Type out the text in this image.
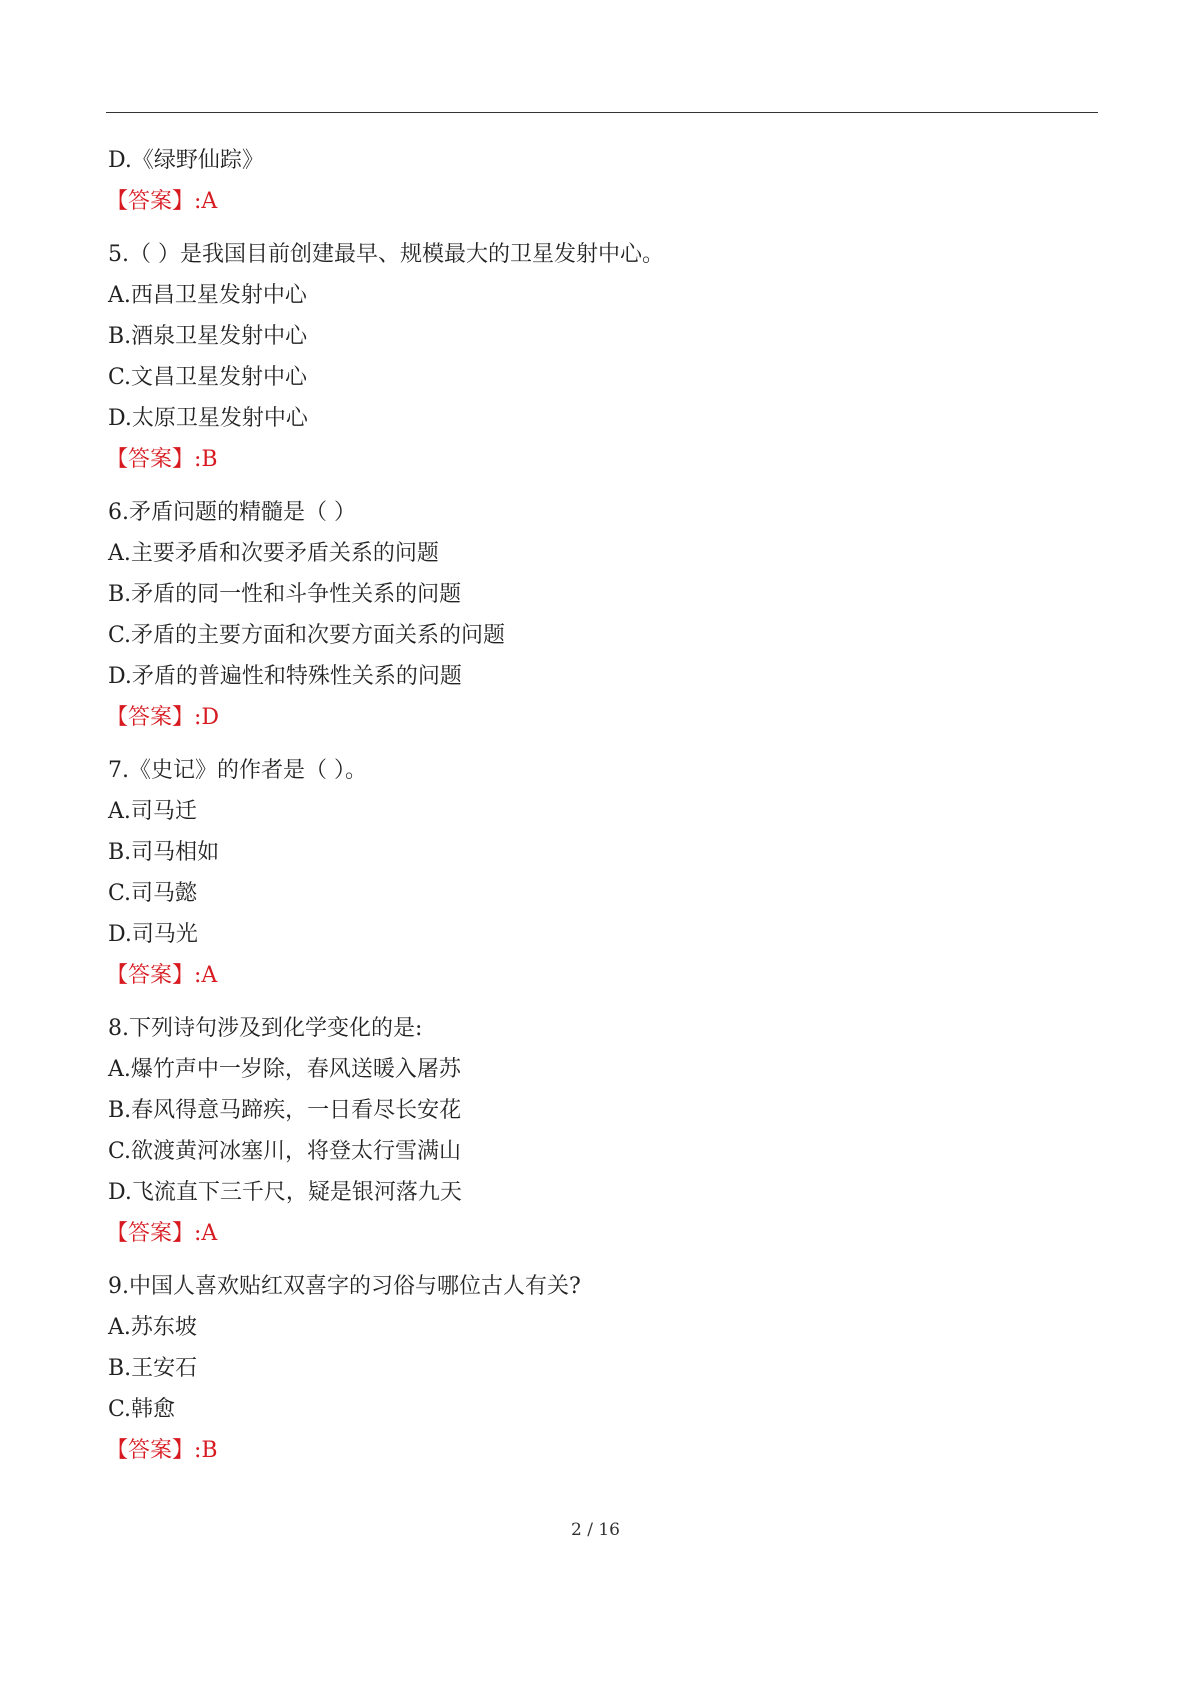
D.《绿野仙踪》
【答案】:A
5.（ ）是我国目前创建最早、规模最大的卫星发射中心。
A.西昌卫星发射中心
B.酒泉卫星发射中心
C.文昌卫星发射中心
D.太原卫星发射中心
【答案】:B
6.矛盾问题的精髓是（ ）
A.主要矛盾和次要矛盾关系的问题
B.矛盾的同一性和斗争性关系的问题
C.矛盾的主要方面和次要方面关系的问题
D.矛盾的普遍性和特殊性关系的问题
【答案】:D
7.《史记》的作者是（ ）。
A.司马迁
B.司马相如
C.司马懿
D.司马光
【答案】:A
8.下列诗句涉及到化学变化的是:
A.爆竹声中一岁除，春风送暖入屠苏
B.春风得意马蹄疾，一日看尽长安花
C.欲渡黄河冰塞川，将登太行雪满山
D.飞流直下三千尺，疑是银河落九天
【答案】:A
9.中国人喜欢贴红双喜字的习俗与哪位古人有关?
A.苏东坡
B.王安石
C.韩愈
【答案】:B
2 / 16
